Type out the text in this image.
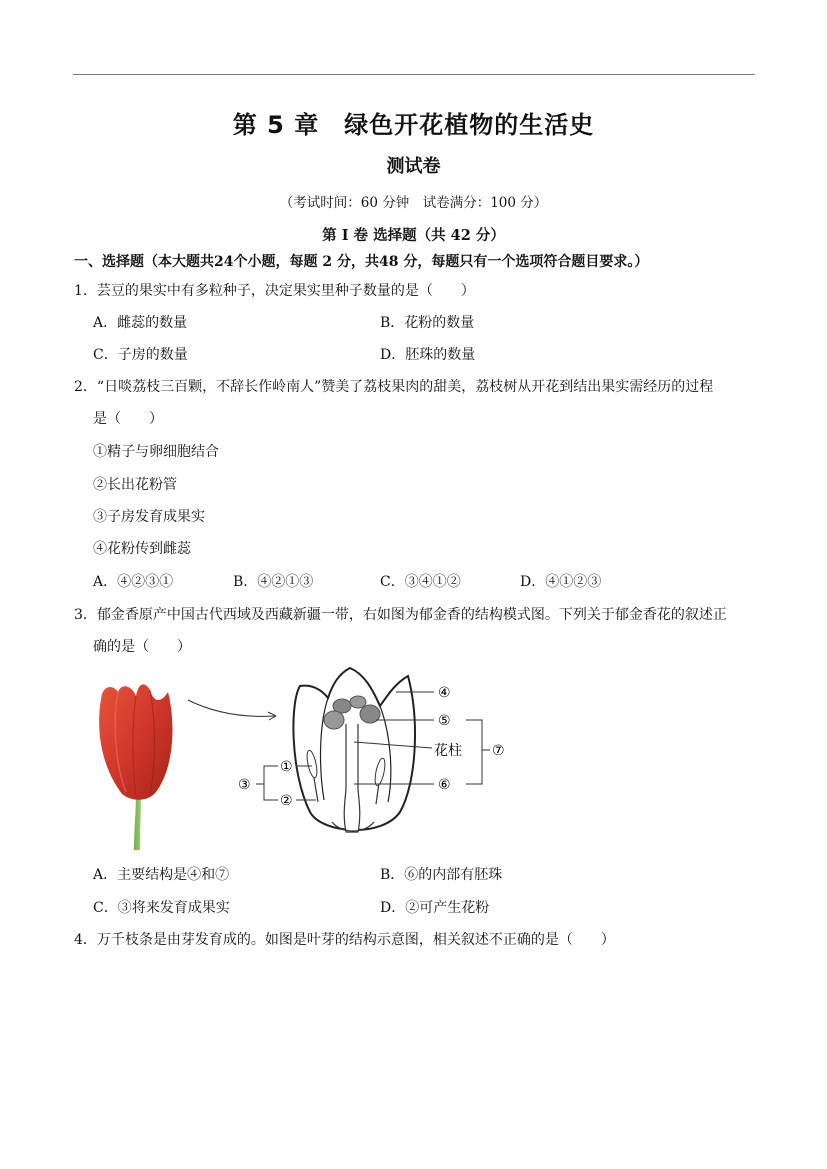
第 5 章　绿色开花植物的生活史
测试卷
（考试时间：60 分钟　试卷满分：100 分）
第 I 卷 选择题（共 42 分）
一、选择题（本大题共24个小题，每题 2 分，共48 分，每题只有一个选项符合题目要求。）
1．芸豆的果实中有多粒种子，决定果实里种子数量的是（　　）
A．雌蕊的数量	B．花粉的数量
C．子房的数量	D．胚珠的数量
2．“日啖荔枝三百颗，不辞长作岭南人”赞美了荔枝果肉的甜美，荔枝树从开花到结出果实需经历的过程
是（　　）
①精子与卵细胞结合
②长出花粉管
③子房发育成果实
④花粉传到雌蕊
A．④②③①	B．④②①③	C．③④①②	D．④①②③
3．郁金香原产中国古代西域及西藏新疆一带，右如图为郁金香的结构模式图。下列关于郁金香花的叙述正
确的是（　　）
④
⑤
花柱
⑥
⑦
①
②
③
A．主要结构是④和⑦	B．⑥的内部有胚珠
C．③将来发育成果实	D．②可产生花粉
4．万千枝条是由芽发育成的。如图是叶芽的结构示意图，相关叙述不正确的是（　　）
